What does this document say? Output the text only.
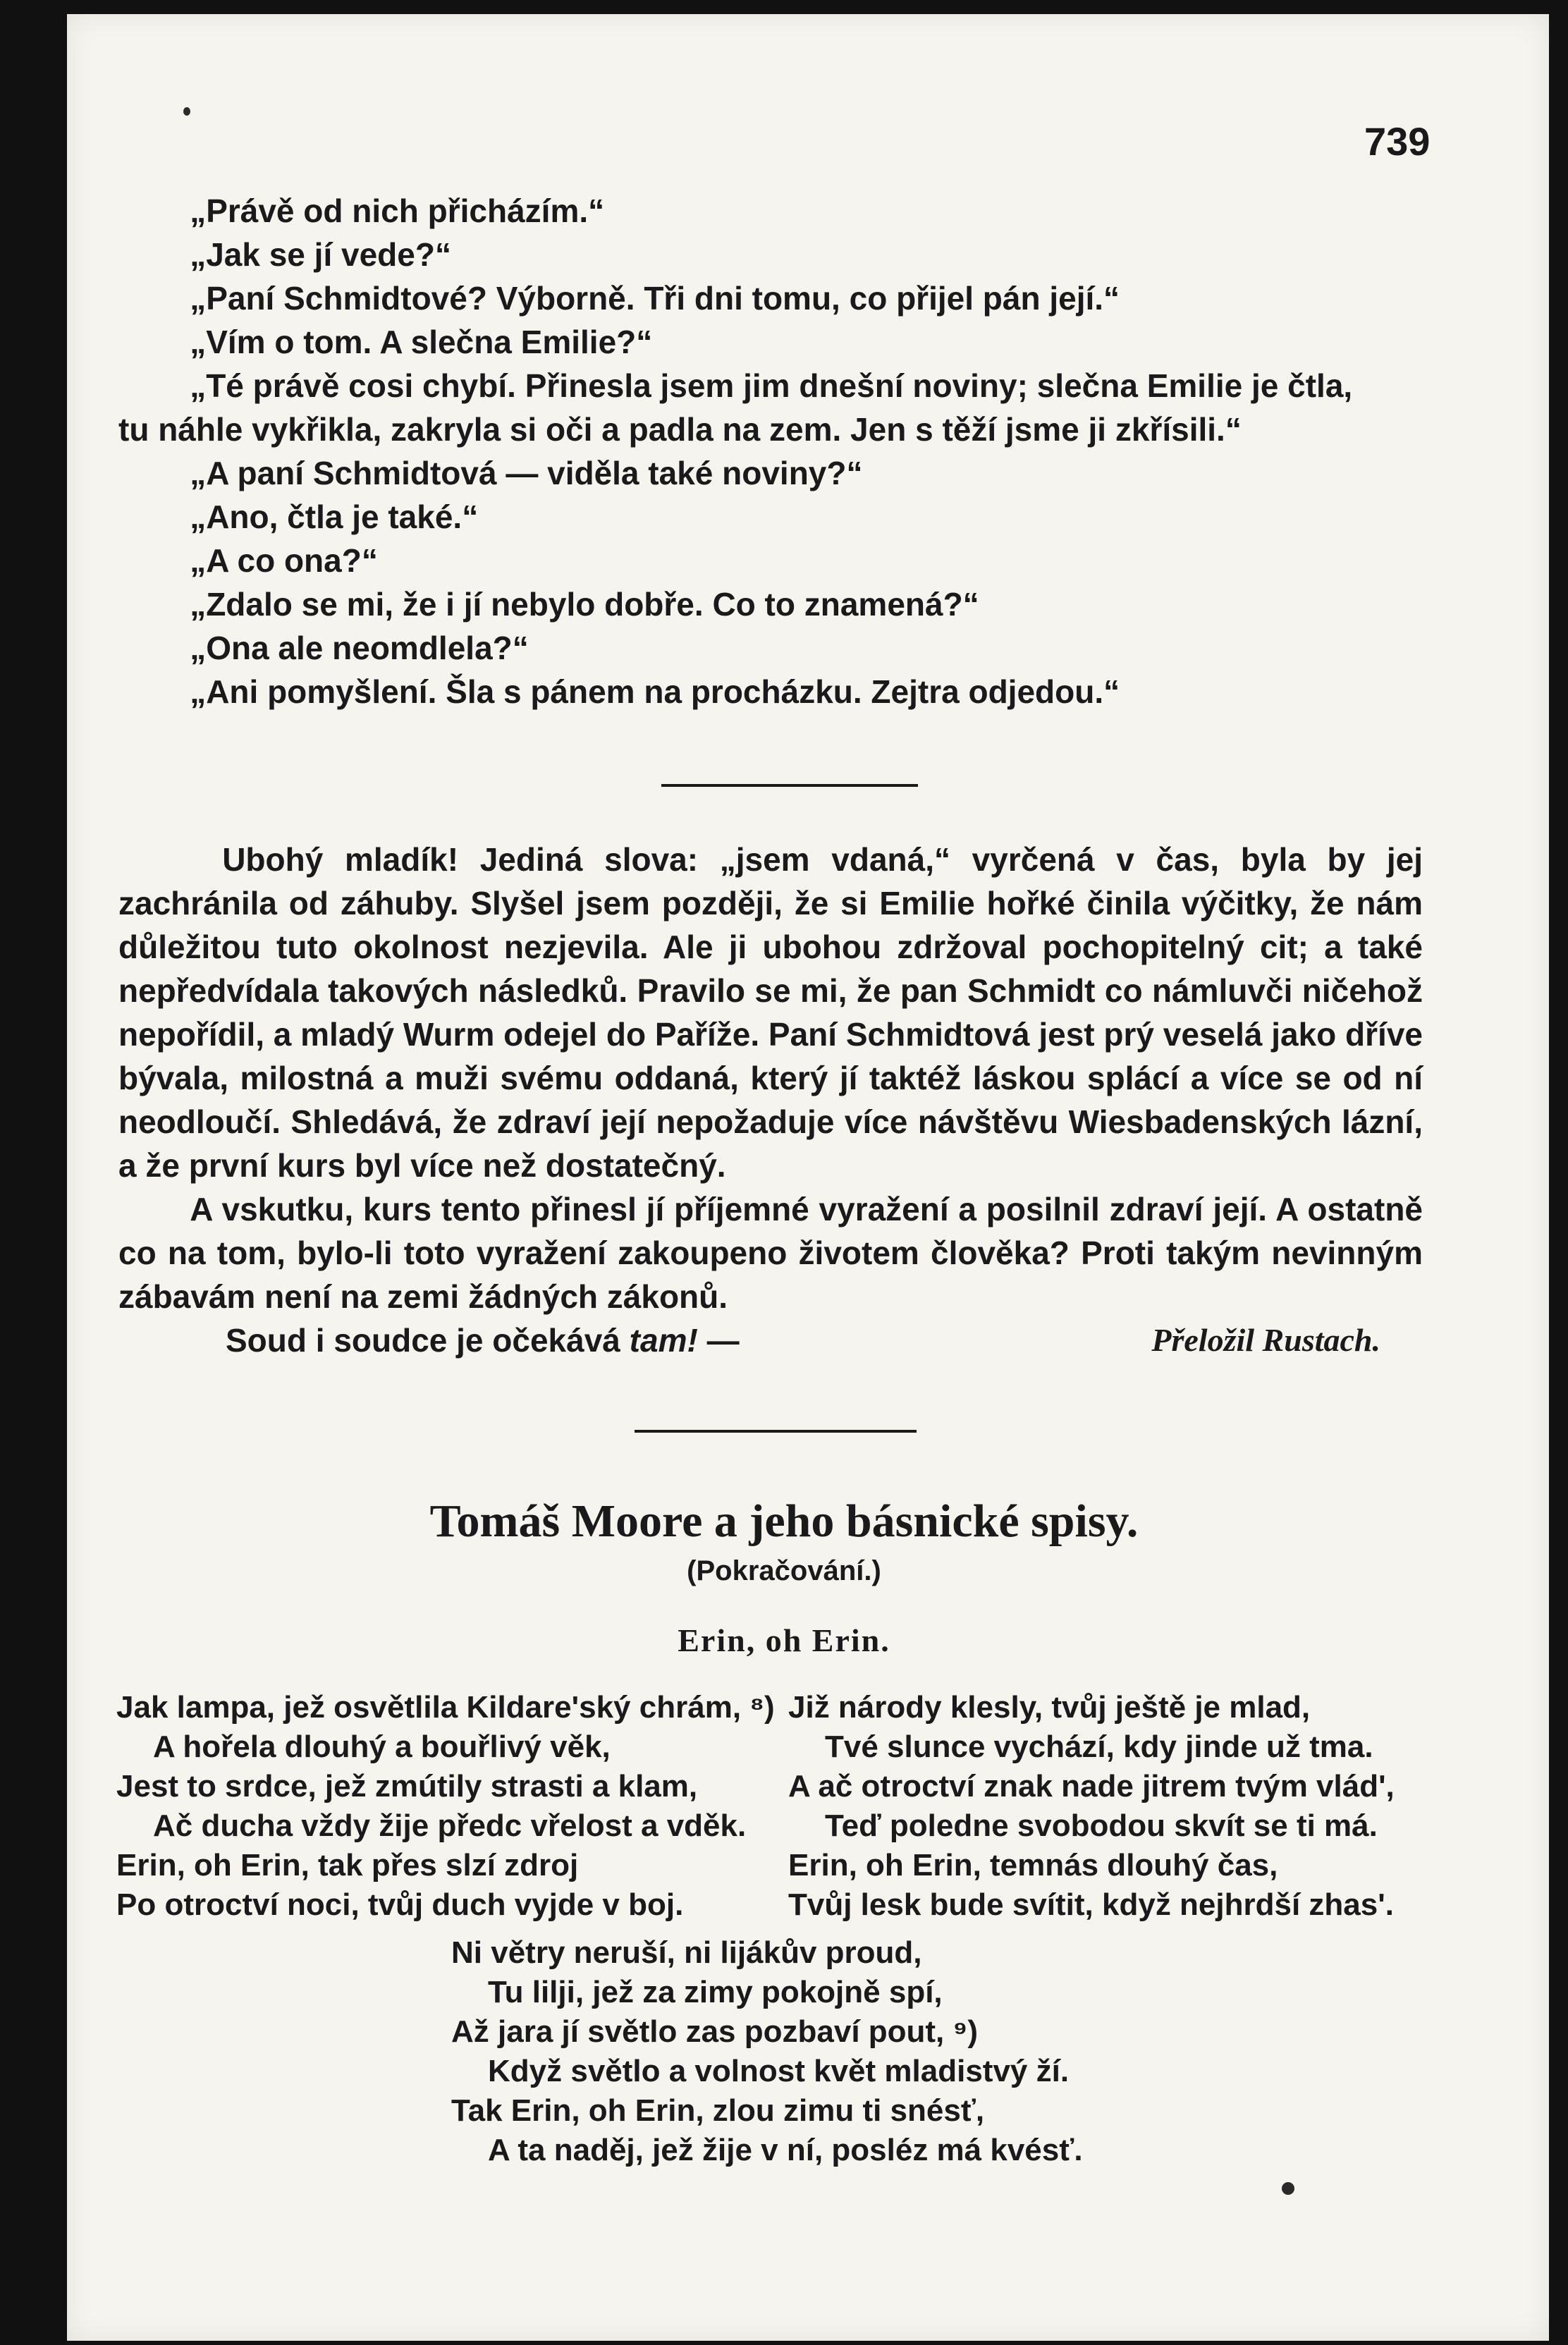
739

„Právě od nich přicházím.“

„Jak se jí vede?“

„Paní Schmidtové? Výborně. Tři dni tomu, co přijel pán její.“

„Vím o tom. A slečna Emilie?“

„Té právě cosi chybí. Přinesla jsem jim dnešní noviny; slečna Emilie je čtla,

tu náhle vykřikla, zakryla si oči a padla na zem. Jen s těží jsme ji zkřísili.“

„A paní Schmidtová — viděla také noviny?“

„Ano, čtla je také.“

„A co ona?“

„Zdalo se mi, že i jí nebylo dobře. Co to znamená?“

„Ona ale neomdlela?“

„Ani pomyšlení. Šla s pánem na procházku. Zejtra odjedou.“

Ubohý mladík! Jediná slova: „jsem vdaná,“ vyrčená v čas, byla by jej zachránila od záhuby. Slyšel jsem později, že si Emilie hořké činila výčitky, že nám důležitou tuto okolnost nezjevila. Ale ji ubohou zdržoval pochopitelný cit; a také nepředvídala takových následků. Pravilo se mi, že pan Schmidt co námluvči ničehož nepořídil, a mladý Wurm odejel do Paříže. Paní Schmidtová jest prý veselá jako dříve bývala, milostná a muži svému oddaná, který jí taktéž láskou splácí a více se od ní neodloučí. Shledává, že zdraví její nepožaduje více návštěvu Wiesbadenských lázní, a že první kurs byl více než dostatečný.

A vskutku, kurs tento přinesl jí příjemné vyražení a posilnil zdraví její. A ostatně co na tom, bylo-li toto vyražení zakoupeno životem člověka? Proti takým nevinným zábavám není na zemi žádných zákonů.

Soud i soudce je očekává tam! —	Přeložil Rustach.
Tomáš Moore a jeho básnické spisy.
(Pokračování.)
Erin, oh Erin.
Jak lampa, jež osvětlila Kildare'ský chrám, ⁸)
A hořela dlouhý a bouřlivý věk,
Jest to srdce, jež zmútily strasti a klam,
Ač ducha vždy žije předc vřelost a vděk.
Erin, oh Erin, tak přes slzí zdroj
Po otroctví noci, tvůj duch vyjde v boj.
Již národy klesly, tvůj ještě je mlad,
Tvé slunce vychází, kdy jinde už tma.
A ač otroctví znak nade jitrem tvým vlád',
Teď poledne svobodou skvít se ti má.
Erin, oh Erin, temnás dlouhý čas,
Tvůj lesk bude svítit, když nejhrdší zhas'.
Ni větry neruší, ni lijákův proud,
Tu lilji, jež za zimy pokojně spí,
Až jara jí světlo zas pozbaví pout, ⁹)
Když světlo a volnost květ mladistvý ží.
Tak Erin, oh Erin, zlou zimu ti snésť,
A ta naděj, jež žije v ní, posléz má kvésť.
